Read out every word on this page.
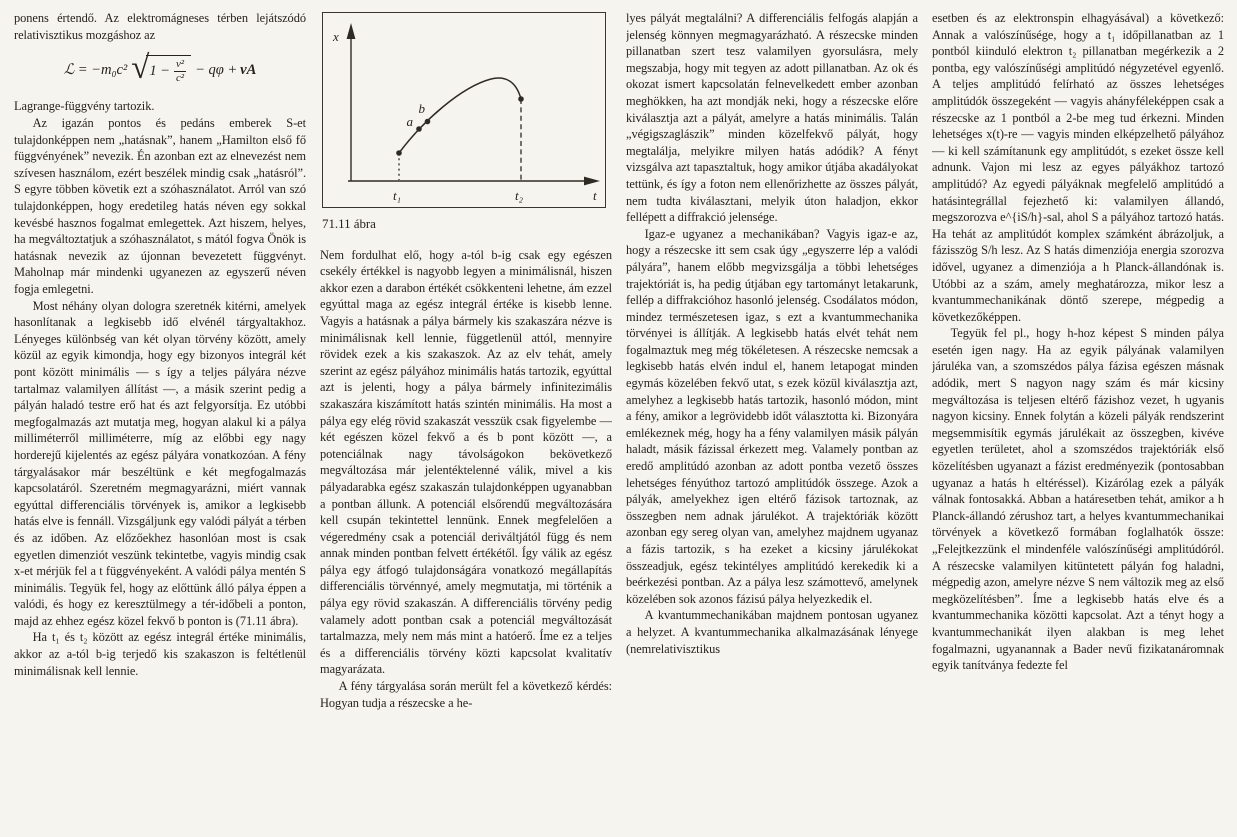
ponens értendő. Az elektromágneses térben lejátszódó relativisztikus mozgáshoz az

ℒ = −m₀c² √ $1 - \frac{\text{v²}}{\text{c²}} - q\varphi$ + vA

Lagrange-függvény tartozik.

Az igazán pontos és pedáns emberek S-et tulajdonképpen nem „hatásnak”, hanem „Hamilton első fő függvényének” nevezik. Én azonban ezt az elnevezést nem szívesen használom, ezért beszélek mindig csak „hatásról”. S egyre többen követik ezt a szóhasználatot. Arról van szó tulajdonképpen, hogy eredetileg hatás néven egy sokkal kevésbé hasznos fogalmat emlegettek. Azt hiszem, helyes, ha megváltoztatjuk a szóhasználatot, s mától fogva Önök is hatásnak nevezik az újonnan bevezetett függvényt. Maholnap már mindenki ugyanezen az egyszerű néven fogja emlegetni.

Most néhány olyan dologra szeretnék kitérni, amelyek hasonlítanak a legkisebb idő elvénél tárgyaltakhoz. Lényeges különbség van két olyan törvény között, amely közül az egyik kimondja, hogy egy bizonyos integrál két pont között minimális — s így a teljes pályára nézve tartalmaz valamilyen állítást —, a másik szerint pedig a pályán haladó testre erő hat és azt felgyorsítja. Ez utóbbi megfogalmazás azt mutatja meg, hogyan alakul ki a pálya milliméterről milliméterre, míg az előbbi egy nagy horderejű kijelentés az egész pályára vonatkozóan. A fény tárgyalásakor már beszéltünk e két megfogalmazás kapcsolatáról. Szeretném megmagyarázni, miért vannak egyúttal differenciális törvények is, amikor a legkisebb hatás elve is fennáll. Vizsgáljunk egy valódi pályát a térben és az időben. Az előzőekhez hasonlóan most is csak egyetlen dimenziót veszünk tekintetbe, vagyis mindig csak x-et mérjük fel a t függvényeként. A valódi pálya mentén S minimális. Tegyük fel, hogy az előttünk álló pálya éppen a valódi, és hogy ez keresztülmegy a tér-időbeli a ponton, majd az ehhez egész közel fekvő b ponton is (71.11 ábra).

Ha t₁ és t₂ között az egész integrál értéke minimális, akkor az a-tól b-ig terjedő kis szakaszon is feltétlenül minimálisnak kell lennie.

x
t
a
b
t₁	t₂

71.11 ábra

Nem fordulhat elő, hogy a-tól b-ig csak egy egészen csekély értékkel is nagyobb legyen a minimálisnál, hiszen akkor ezen a darabon értékét csökkenteni lehetne, ám ezzel egyúttal maga az egész integrál értéke is kisebb lenne. Vagyis a hatásnak a pálya bármely kis szakaszára nézve is minimálisnak kell lennie, függetlenül attól, mennyire rövidek ezek a kis szakaszok. Az az elv tehát, amely szerint az egész pályához minimális hatás tartozik, egyúttal azt is jelenti, hogy a pálya bármely infinitezimális szakaszára kiszámított hatás szintén minimális. Ha most a pálya egy elég rövid szakaszát vesszük csak figyelembe — két egészen közel fekvő a és b pont között —, a potenciálnak nagy távolságokon bekövetkező megváltozása már jelentéktelenné válik, mivel a kis pályadarabka egész szakaszán tulajdonképpen ugyanabban a pontban állunk. A potenciál elsőrendű megváltozására kell csupán tekintettel lennünk. Ennek megfelelően a végeredmény csak a potenciál deriváltjától függ és nem annak minden pontban felvett értékétől. Így válik az egész pálya egy átfogó tulajdonságára vonatkozó megállapítás differenciális törvénnyé, amely megmutatja, mi történik a pálya egy rövid szakaszán. A differenciális törvény pedig valamely adott pontban csak a potenciál megváltozását tartalmazza, mely nem más mint a hatóerő. Íme ez a teljes és a differenciális törvény közti kapcsolat kvalitatív magyarázata.

A fény tárgyalása során merült fel a következő kérdés: Hogyan tudja a részecske a he-

lyes pályát megtalálni? A differenciális felfogás alapján a jelenség könnyen megmagyarázható. A részecske minden pillanatban szert tesz valamilyen gyorsulásra, mely megszabja, hogy mit tegyen az adott pillanatban. Az ok és okozat ismert kapcsolatán felnevelkedett ember azonban meghökken, ha azt mondják neki, hogy a részecske előre kiválasztja azt a pályát, amelyre a hatás minimális. Talán „végigszaglászik” minden közelfekvő pályát, hogy megtalálja, melyikre milyen hatás adódik? A fényt vizsgálva azt tapasztaltuk, hogy amikor útjába akadályokat tettünk, és így a foton nem ellenőrizhette az összes pályát, nem tudta kiválasztani, melyik úton haladjon, ekkor fellépett a diffrakció jelensége.

Igaz-e ugyanez a mechanikában? Vagyis igaz-e az, hogy a részecske itt sem csak úgy „egyszerre lép a valódi pályára”, hanem előbb megvizsgálja a többi lehetséges trajektóriát is, ha pedig útjában egy tartományt letakarunk, fellép a diffrakcióhoz hasonló jelenség. Csodálatos módon, mindez természetesen igaz, s ezt a kvantummechanika törvényei is állítják. A legkisebb hatás elvét tehát nem fogalmaztuk meg még tökéletesen. A részecske nemcsak a legkisebb hatás elvén indul el, hanem letapogat minden egymás közelében fekvő utat, s ezek közül kiválasztja azt, amelyhez a legkisebb hatás tartozik, hasonló módon, mint a fény, amikor a legrövidebb időt választotta ki. Bizonyára emlékeznek még, hogy ha a fény valamilyen másik pályán haladt, másik fázissal érkezett meg. Valamely pontban az eredő amplitúdó azonban az adott pontba vezető összes lehetséges fényúthoz tartozó amplitúdók összege. Azok a pályák, amelyekhez igen eltérő fázisok tartoznak, az összegben nem adnak járulékot. A trajektóriák között azonban egy sereg olyan van, amelyhez majdnem ugyanaz a fázis tartozik, s ha ezeket a kicsiny járulékokat összeadjuk, egész tekintélyes amplitúdó kerekedik ki a beérkezési pontban. Az a pálya lesz számottevő, amelynek közelében sok azonos fázisú pálya helyezkedik el.

A kvantummechanikában majdnem pontosan ugyanez a helyzet. A kvantummechanika alkalmazásának lényege (nemrelativisztikus

esetben és az elektronspin elhagyásával) a következő: Annak a valószínűsége, hogy a t₁ időpillanatban az 1 pontból kiinduló elektron t₂ pillanatban megérkezik a 2 pontba, egy valószínűségi amplitúdó négyzetével egyenlő. A teljes amplitúdó felírható az összes lehetséges amplitúdók összegeként — vagyis ahányféleképpen csak a részecske az 1 pontból a 2-be meg tud érkezni. Minden lehetséges x(t)-re — vagyis minden elképzelhető pályához — ki kell számítanunk egy amplitúdót, s ezeket össze kell adnunk. Vajon mi lesz az egyes pályákhoz tartozó amplitúdó? Az egyedi pályáknak megfelelő amplitúdó a hatásintegrállal fejezhető ki: valamilyen állandó, megszorozva e^{iS/h}-sal, ahol S a pályához tartozó hatás. Ha tehát az amplitúdót komplex számként ábrázoljuk, a fázisszög S/h lesz. Az S hatás dimenziója energia szorozva idővel, ugyanez a dimenziója a h Planck-állandónak is. Utóbbi az a szám, amely meghatározza, mikor lesz a kvantummechanikának döntő szerepe, mégpedig a következőképpen.

Tegyük fel pl., hogy h-hoz képest S minden pálya esetén igen nagy. Ha az egyik pályának valamilyen járuléka van, a szomszédos pálya fázisa egészen másnak adódik, mert S nagyon nagy szám és már kicsiny megváltozása is teljesen eltérő fázishoz vezet, h ugyanis nagyon kicsiny. Ennek folytán a közeli pályák rendszerint megsemmisítik egymás járulékait az összegben, kivéve egyetlen területet, ahol a szomszédos trajektóriák első közelítésben ugyanazt a fázist eredményezik (pontosabban ugyanaz a hatás h eltéréssel). Kizárólag ezek a pályák válnak fontosakká. Abban a határesetben tehát, amikor a h Planck-állandó zérushoz tart, a helyes kvantummechanikai törvények a következő formában foglalhatók össze: „Felejtkezzünk el mindenféle valószínűségi amplitúdóról. A részecske valamilyen kitüntetett pályán fog haladni, mégpedig azon, amelyre nézve S nem változik meg az első megközelítésben”. Íme a legkisebb hatás elve és a kvantummechanika közötti kapcsolat. Azt a tényt hogy a kvantummechanikát ilyen alakban is meg lehet fogalmazni, ugyanannak a Bader nevű fizikatanáromnak egyik tanítványa fedezte fel
